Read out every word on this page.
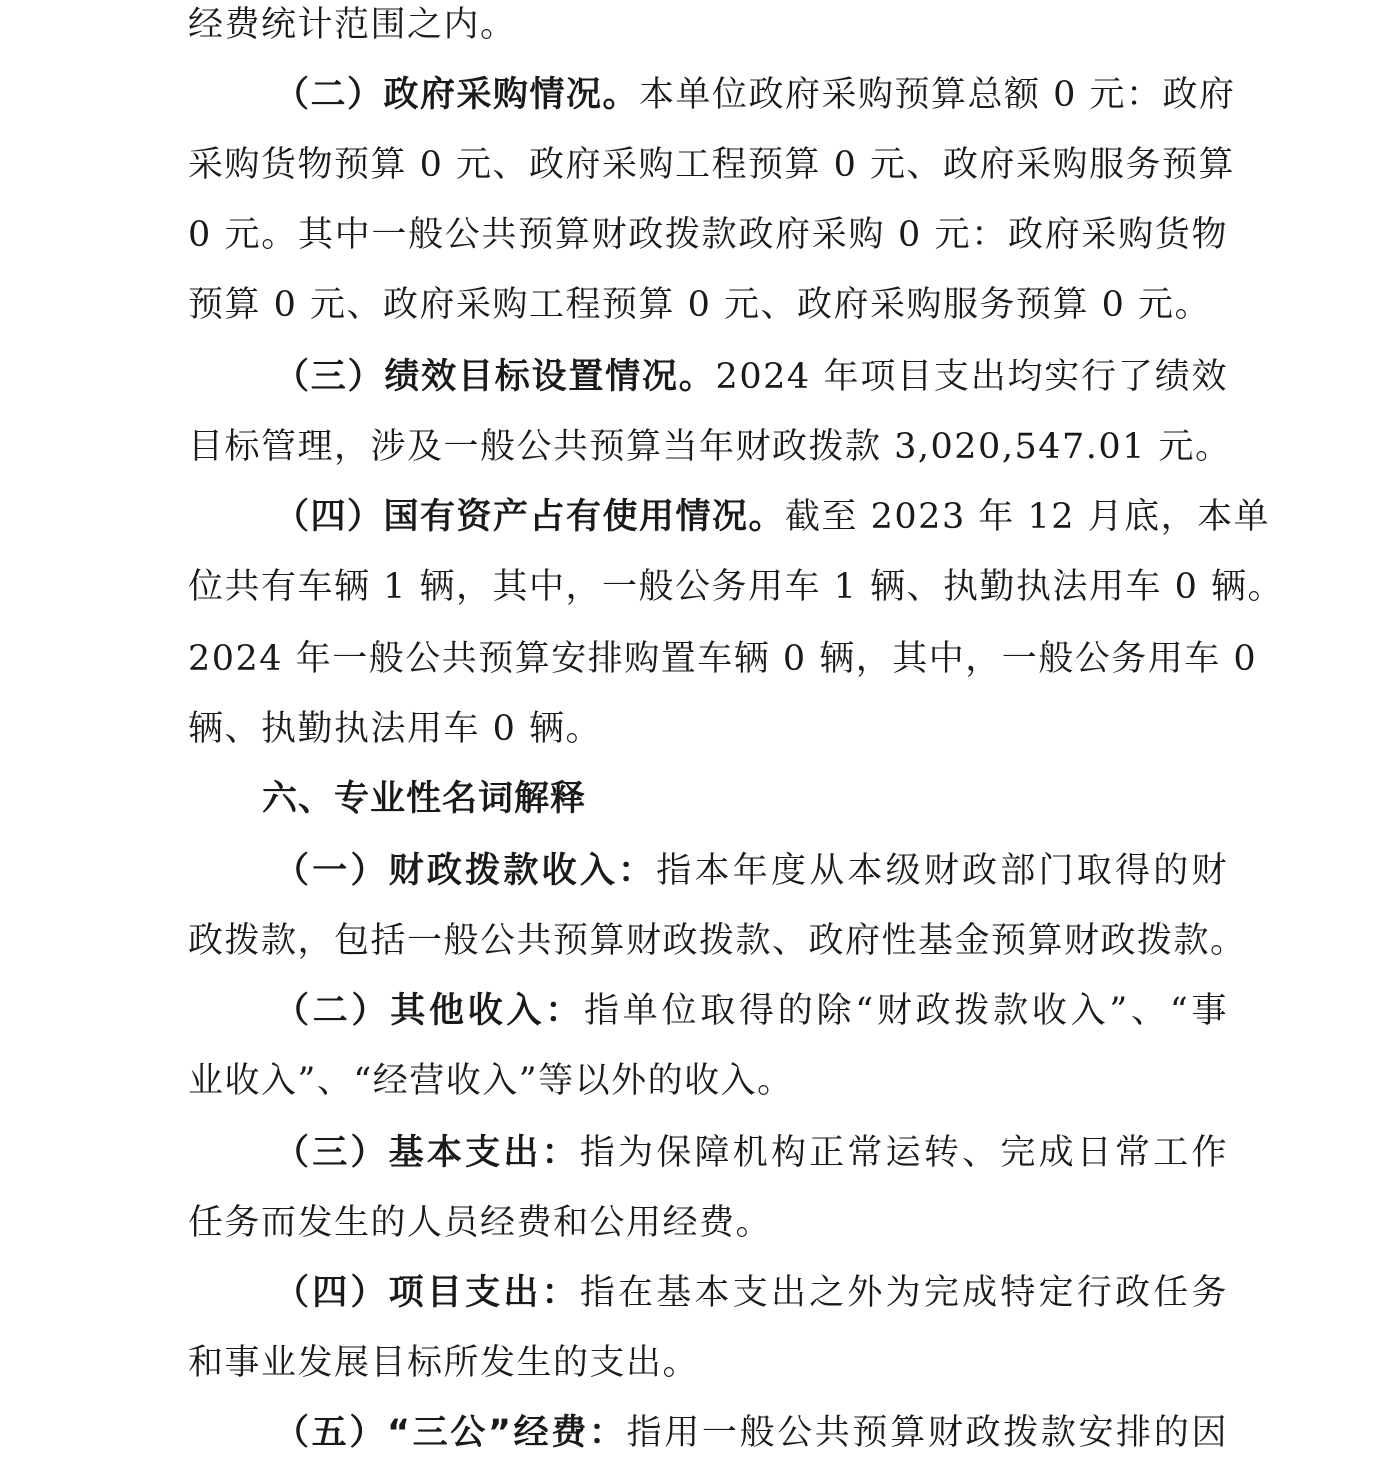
经费统计范围之内。
（二）政府采购情况。本单位政府采购预算总额 0 元：政府
采购货物预算 0 元、政府采购工程预算 0 元、政府采购服务预算
0 元。其中一般公共预算财政拨款政府采购 0 元：政府采购货物
预算 0 元、政府采购工程预算 0 元、政府采购服务预算 0 元。
（三）绩效目标设置情况。2024 年项目支出均实行了绩效
目标管理，涉及一般公共预算当年财政拨款 3,020,547.01 元。
（四）国有资产占有使用情况。截至 2023 年 12 月底，本单
位共有车辆 1 辆，其中，一般公务用车 1 辆、执勤执法用车 0 辆。
2024 年一般公共预算安排购置车辆 0 辆，其中，一般公务用车 0
辆、执勤执法用车 0 辆。
六、专业性名词解释
（一）财政拨款收入：指本年度从本级财政部门取得的财
政拨款，包括一般公共预算财政拨款、政府性基金预算财政拨款。
（二）其他收入：指单位取得的除“财政拨款收入”、“事
业收入”、“经营收入”等以外的收入。
（三）基本支出：指为保障机构正常运转、完成日常工作
任务而发生的人员经费和公用经费。
（四）项目支出：指在基本支出之外为完成特定行政任务
和事业发展目标所发生的支出。
（五）“三公”经费：指用一般公共预算财政拨款安排的因
